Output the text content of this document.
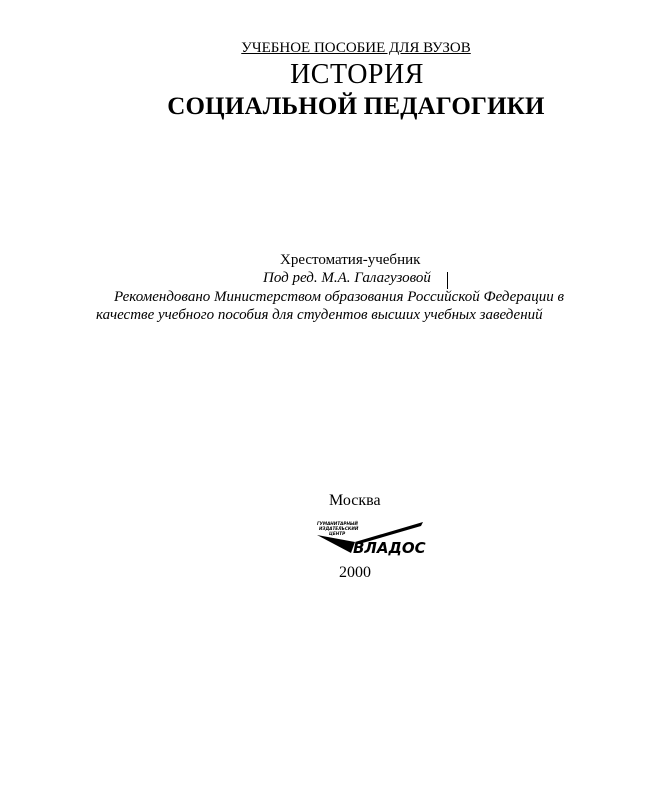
УЧЕБНОЕ ПОСОБИЕ ДЛЯ ВУЗОВ
ИСТОРИЯ
СОЦИАЛЬНОЙ ПЕДАГОГИКИ
Хрестоматия-учебник
Под ред. М.А. Галагузовой
Рекомендовано Министерством образования Российской Федерации в
качестве учебного пособия для студентов высших учебных заведений
Москва
ГУМАНИТАРНЫЙ
ИЗДАТЕЛЬСКИЙ
ЦЕНТР
ВЛАДОС
2000
